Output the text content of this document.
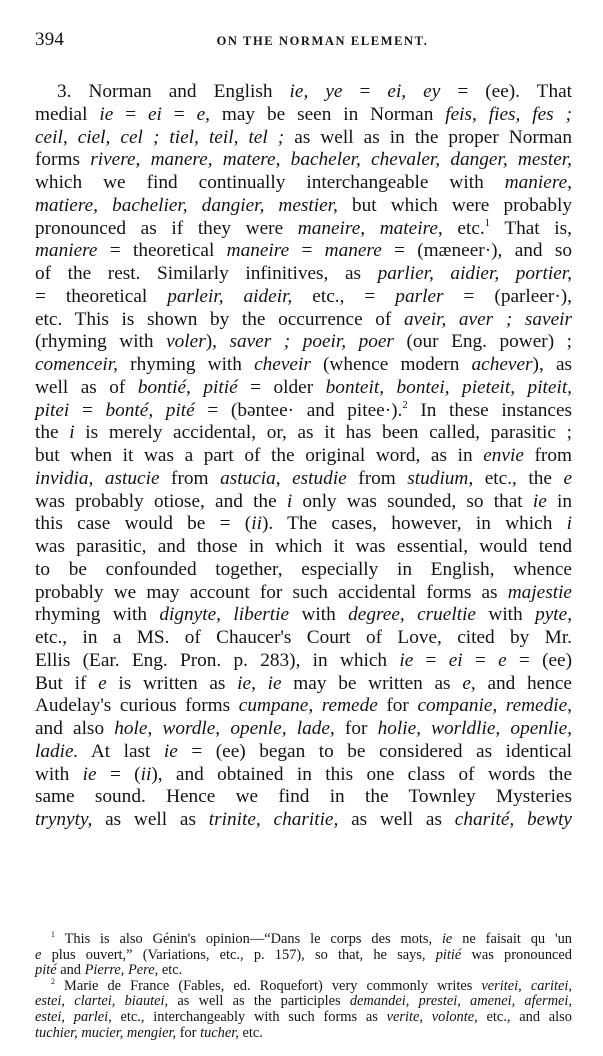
394	ON THE NORMAN ELEMENT.
3. Norman and English ie, ye = ei, ey = (ee). That
medial ie = ei = e, may be seen in Norman feis, fies, fes ;
ceil, ciel, cel ; tiel, teil, tel ; as well as in the proper Norman
forms rivere, manere, matere, bacheler, chevaler, danger, mester,
which we find continually interchangeable with maniere,
matiere, bachelier, dangier, mestier, but which were probably
pronounced as if they were maneire, mateire, etc.$^1$ That is,
maniere = theoretical maneire = manere = (mæneer·), and so
of the rest. Similarly infinitives, as parlier, aidier, portier,
= theoretical parleir, aideir, etc., = parler = (parleer·),
etc. This is shown by the occurrence of aveir, aver ; saveir
(rhyming with voler), saver ; poeir, poer (our Eng. power) ;
comenceir, rhyming with cheveir (whence modern achever), as
well as of bontié, pitié = older bonteit, bontei, pieteit, piteit,
pitei = bonté, pité = (bəntee· and pitee·).$^2$ In these instances
the i is merely accidental, or, as it has been called, parasitic ;
but when it was a part of the original word, as in envie from
invidia, astucie from astucia, estudie from studium, etc., the e
was probably otiose, and the i only was sounded, so that ie in
this case would be = (ii). The cases, however, in which i
was parasitic, and those in which it was essential, would tend
to be confounded together, especially in English, whence
probably we may account for such accidental forms as majestie
rhyming with dignyte, libertie with degree, crueltie with pyte,
etc., in a MS. of Chaucer's Court of Love, cited by Mr.
Ellis (Ear. Eng. Pron. p. 283), in which ie = ei = e = (ee)
But if e is written as ie, ie may be written as e, and hence
Audelay's curious forms cumpane, remede for companie, remedie,
and also hole, wordle, openle, lade, for holie, worldlie, openlie,
ladie. At last ie = (ee) began to be considered as identical
with ie = (ii), and obtained in this one class of words the
same sound. Hence we find in the Townley Mysteries
trynyty, as well as trinite, charitie, as well as charité, bewty
$^1$ This is also Génin's opinion—“Dans le corps des mots, ie ne faisait qu 'un
e plus ouvert,” (Variations, etc., p. 157), so that, he says, pitié was pronounced
pité and Pierre, Pere, etc.
$^2$ Marie de France (Fables, ed. Roquefort) very commonly writes veritei, caritei,
estei, clartei, biautei, as well as the participles demandei, prestei, amenei, afermei,
estei, parlei, etc., interchangeably with such forms as verite, volonte, etc., and also
tuchier, mucier, mengier, for tucher, etc.
